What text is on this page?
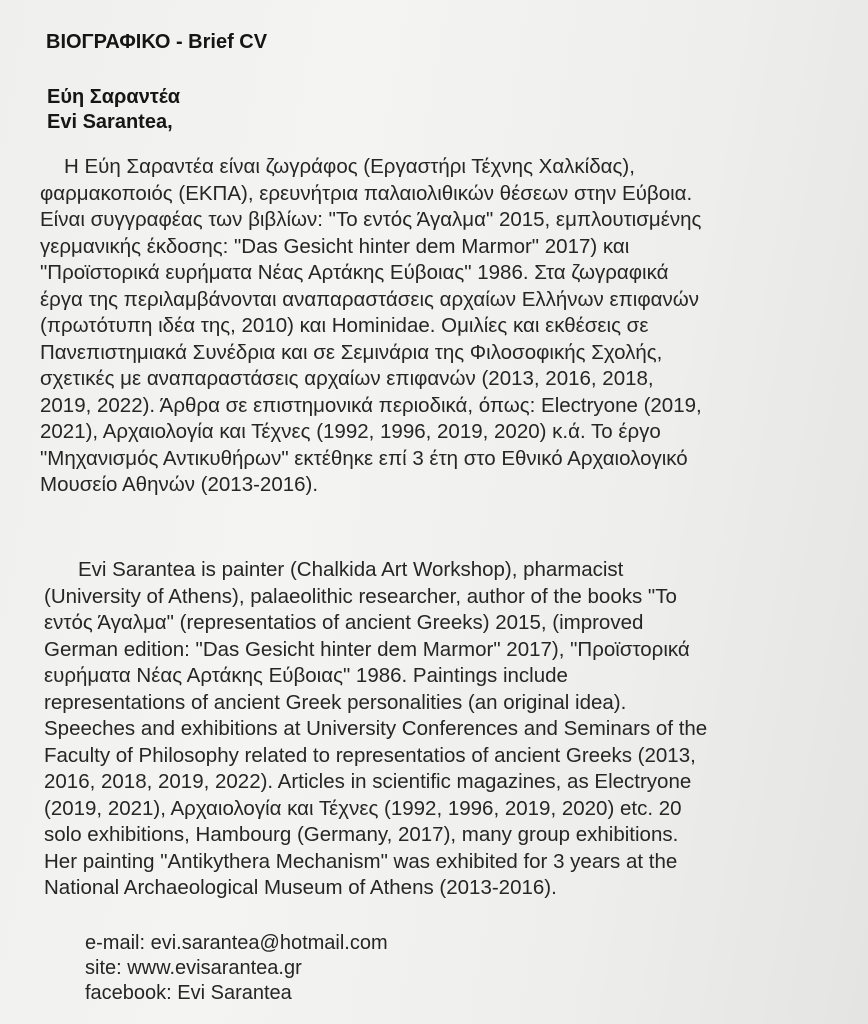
ΒΙΟΓΡΑΦΙΚΟ - Brief CV
Εύη Σαραντέα
Evi Sarantea,

Η Εύη Σαραντέα είναι ζωγράφος (Εργαστήρι Τέχνης Χαλκίδας),
φαρμακοποιός (ΕΚΠΑ), ερευνήτρια παλαιολιθικών θέσεων στην Εύβοια.
Είναι συγγραφέας των βιβλίων: "Το εντός Άγαλμα" 2015, εμπλουτισμένης
γερμανικής έκδοσης: "Das Gesicht hinter dem Marmor" 2017) και
"Προϊστορικά ευρήματα Νέας Αρτάκης Εύβοιας" 1986. Στα ζωγραφικά
έργα της περιλαμβάνονται αναπαραστάσεις αρχαίων Ελλήνων επιφανών
(πρωτότυπη ιδέα της, 2010) και Hominidae. Ομιλίες και εκθέσεις σε
Πανεπιστημιακά Συνέδρια και σε Σεμινάρια της Φιλοσοφικής Σχολής,
σχετικές με αναπαραστάσεις αρχαίων επιφανών (2013, 2016, 2018,
2019, 2022). Άρθρα σε επιστημονικά περιοδικά, όπως: Electryone (2019,
2021), Αρχαιολογία και Τέχνες (1992, 1996, 2019, 2020) κ.ά. Το έργο
"Μηχανισμός Αντικυθήρων" εκτέθηκε επί 3 έτη στο Εθνικό Αρχαιολογικό
Μουσείο Αθηνών (2013-2016).

Evi Sarantea is painter (Chalkida Art Workshop), pharmacist
(University of Athens), palaeolithic researcher, author of the books "Το
εντός Άγαλμα" (representatios of ancient Greeks) 2015, (improved
German edition: "Das Gesicht hinter dem Marmor" 2017), "Προϊστορικά
ευρήματα Νέας Αρτάκης Εύβοιας" 1986. Paintings include
representations of ancient Greek personalities (an original idea).
Speeches and exhibitions at University Conferences and Seminars of the
Faculty of Philosophy related to representatios of ancient Greeks (2013,
2016, 2018, 2019, 2022). Articles in scientific magazines, as Electryone
(2019, 2021), Αρχαιολογία και Τέχνες (1992, 1996, 2019, 2020) etc. 20
solo exhibitions, Hambourg (Germany, 2017), many group exhibitions.
Her painting "Antikythera Mechanism" was exhibited for 3 years at the
National Archaeological Museum of Athens (2013-2016).

e-mail: evi.sarantea@hotmail.com
site: www.evisarantea.gr
facebook: Evi Sarantea
